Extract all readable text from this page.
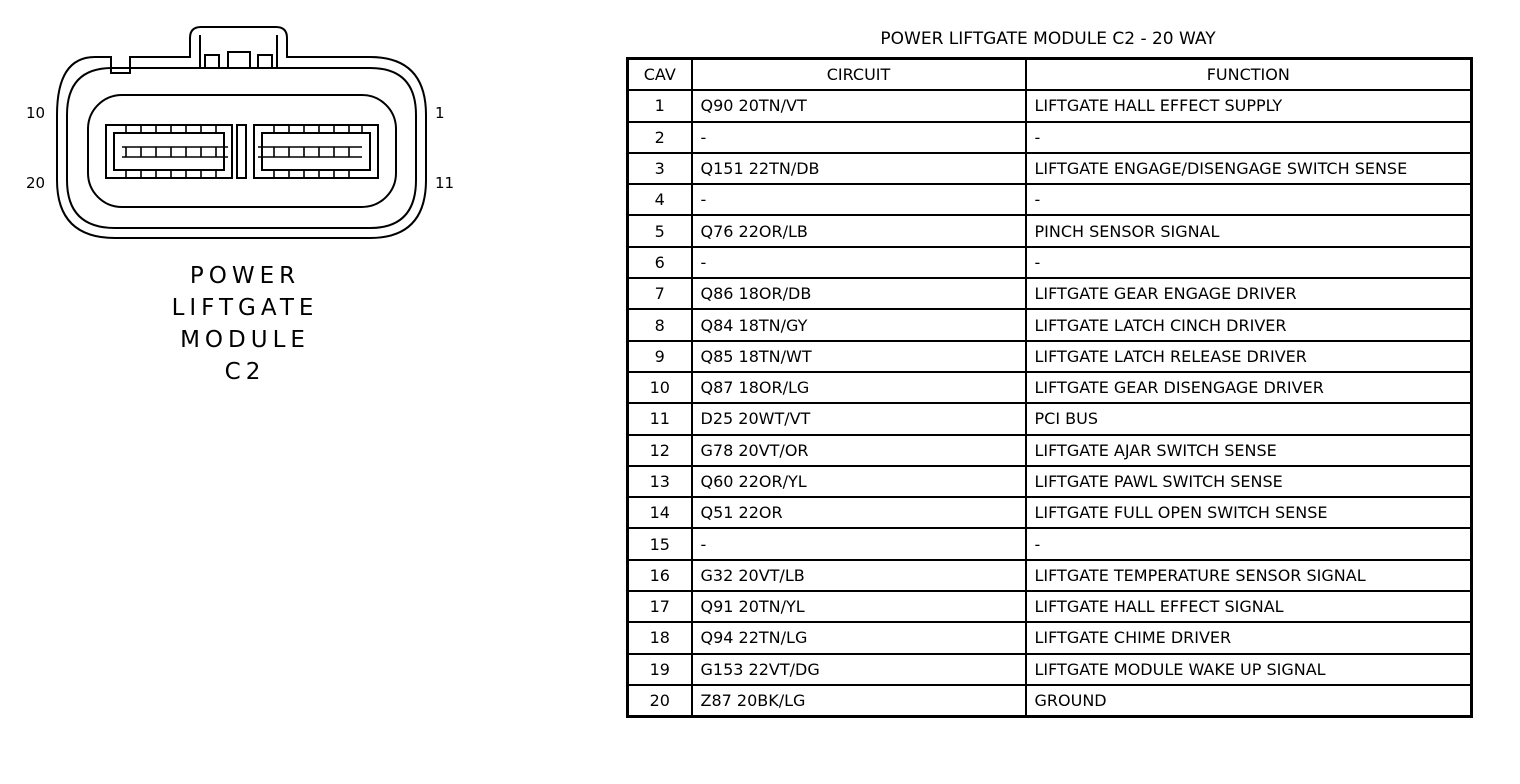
10
20
1
11
POWER
LIFTGATE
MODULE
C2
POWER LIFTGATE MODULE C2 - 20 WAY
CAV	CIRCUIT	FUNCTION
1	Q90 20TN/VT	LIFTGATE HALL EFFECT SUPPLY
2	-	-
3	Q151 22TN/DB	LIFTGATE ENGAGE/DISENGAGE SWITCH SENSE
4	-	-
5	Q76 22OR/LB	PINCH SENSOR SIGNAL
6	-	-
7	Q86 18OR/DB	LIFTGATE GEAR ENGAGE DRIVER
8	Q84 18TN/GY	LIFTGATE LATCH CINCH DRIVER
9	Q85 18TN/WT	LIFTGATE LATCH RELEASE DRIVER
10	Q87 18OR/LG	LIFTGATE GEAR DISENGAGE DRIVER
11	D25 20WT/VT	PCI BUS
12	G78 20VT/OR	LIFTGATE AJAR SWITCH SENSE
13	Q60 22OR/YL	LIFTGATE PAWL SWITCH SENSE
14	Q51 22OR	LIFTGATE FULL OPEN SWITCH SENSE
15	-	-
16	G32 20VT/LB	LIFTGATE TEMPERATURE SENSOR SIGNAL
17	Q91 20TN/YL	LIFTGATE HALL EFFECT SIGNAL
18	Q94 22TN/LG	LIFTGATE CHIME DRIVER
19	G153 22VT/DG	LIFTGATE MODULE WAKE UP SIGNAL
20	Z87 20BK/LG	GROUND
